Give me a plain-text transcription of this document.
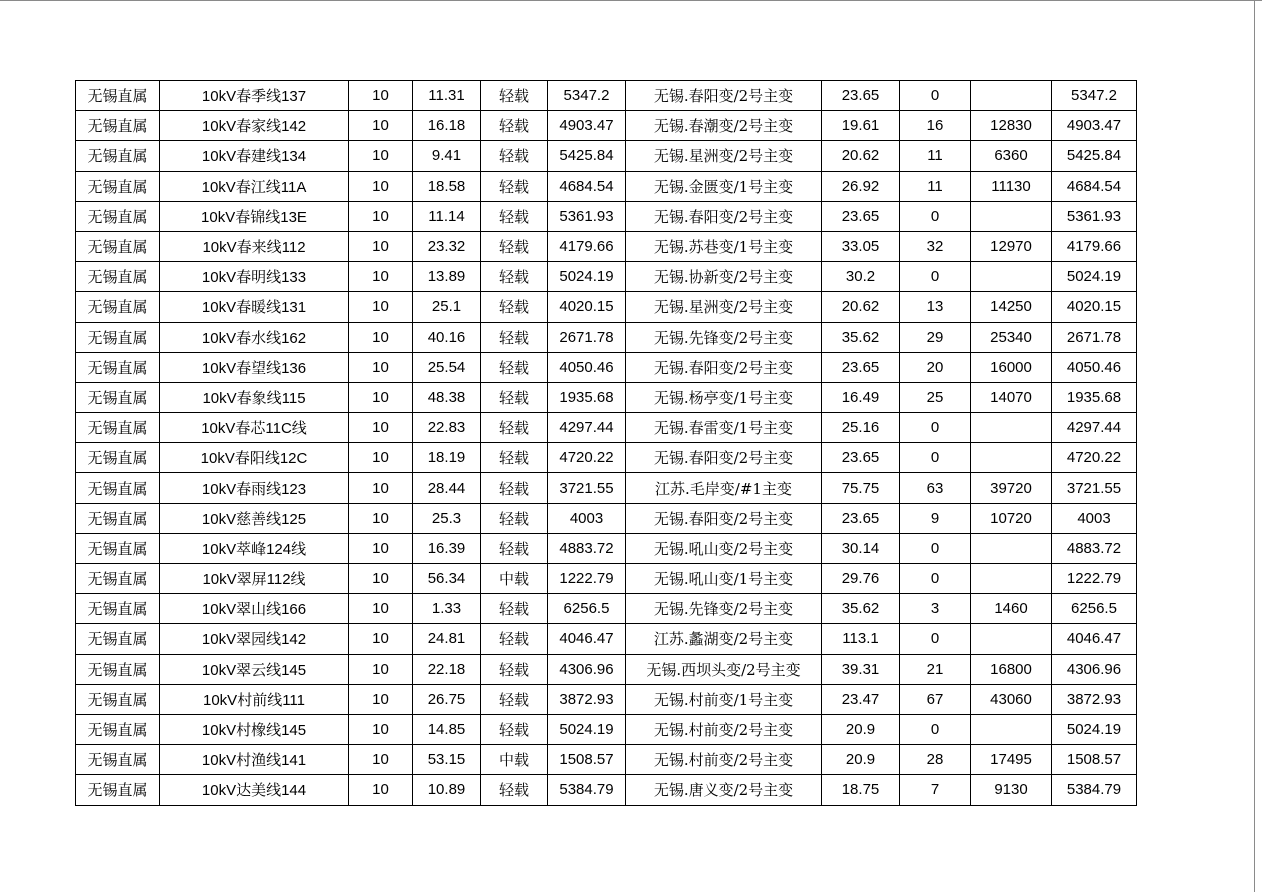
无锡直属	10kV春季线137	10	11.31	轻载	5347.2	无锡.春阳变/2号主变	23.65	0		5347.2
无锡直属	10kV春家线142	10	16.18	轻载	4903.47	无锡.春潮变/2号主变	19.61	16	12830	4903.47
无锡直属	10kV春建线134	10	9.41	轻载	5425.84	无锡.星洲变/2号主变	20.62	11	6360	5425.84
无锡直属	10kV春江线11A	10	18.58	轻载	4684.54	无锡.金匮变/1号主变	26.92	11	11130	4684.54
无锡直属	10kV春锦线13E	10	11.14	轻载	5361.93	无锡.春阳变/2号主变	23.65	0		5361.93
无锡直属	10kV春来线112	10	23.32	轻载	4179.66	无锡.苏巷变/1号主变	33.05	32	12970	4179.66
无锡直属	10kV春明线133	10	13.89	轻载	5024.19	无锡.协新变/2号主变	30.2	0		5024.19
无锡直属	10kV春暖线131	10	25.1	轻载	4020.15	无锡.星洲变/2号主变	20.62	13	14250	4020.15
无锡直属	10kV春水线162	10	40.16	轻载	2671.78	无锡.先锋变/2号主变	35.62	29	25340	2671.78
无锡直属	10kV春望线136	10	25.54	轻载	4050.46	无锡.春阳变/2号主变	23.65	20	16000	4050.46
无锡直属	10kV春象线115	10	48.38	轻载	1935.68	无锡.杨亭变/1号主变	16.49	25	14070	1935.68
无锡直属	10kV春芯11C线	10	22.83	轻载	4297.44	无锡.春雷变/1号主变	25.16	0		4297.44
无锡直属	10kV春阳线12C	10	18.19	轻载	4720.22	无锡.春阳变/2号主变	23.65	0		4720.22
无锡直属	10kV春雨线123	10	28.44	轻载	3721.55	江苏.毛岸变/#1主变	75.75	63	39720	3721.55
无锡直属	10kV慈善线125	10	25.3	轻载	4003	无锡.春阳变/2号主变	23.65	9	10720	4003
无锡直属	10kV萃峰124线	10	16.39	轻载	4883.72	无锡.吼山变/2号主变	30.14	0		4883.72
无锡直属	10kV翠屏112线	10	56.34	中载	1222.79	无锡.吼山变/1号主变	29.76	0		1222.79
无锡直属	10kV翠山线166	10	1.33	轻载	6256.5	无锡.先锋变/2号主变	35.62	3	1460	6256.5
无锡直属	10kV翠园线142	10	24.81	轻载	4046.47	江苏.蠡湖变/2号主变	113.1	0		4046.47
无锡直属	10kV翠云线145	10	22.18	轻载	4306.96	无锡.西坝头变/2号主变	39.31	21	16800	4306.96
无锡直属	10kV村前线111	10	26.75	轻载	3872.93	无锡.村前变/1号主变	23.47	67	43060	3872.93
无锡直属	10kV村橡线145	10	14.85	轻载	5024.19	无锡.村前变/2号主变	20.9	0		5024.19
无锡直属	10kV村渔线141	10	53.15	中载	1508.57	无锡.村前变/2号主变	20.9	28	17495	1508.57
无锡直属	10kV达美线144	10	10.89	轻载	5384.79	无锡.唐义变/2号主变	18.75	7	9130	5384.79
